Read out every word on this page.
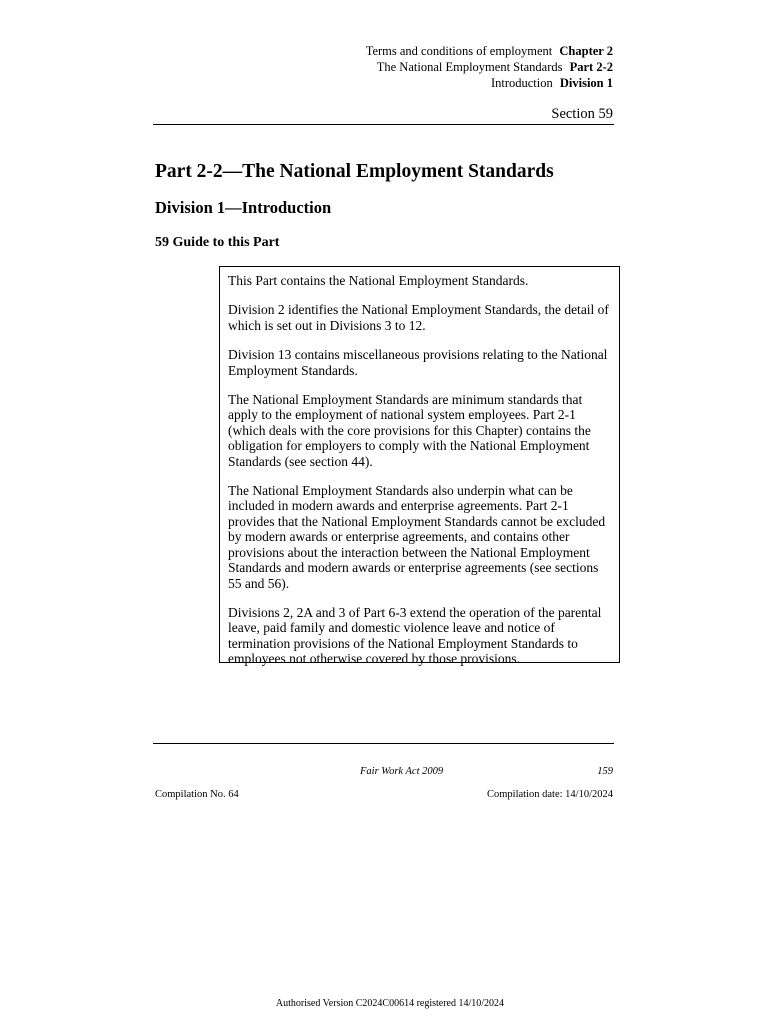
Terms and conditions of employment Chapter 2
The National Employment Standards Part 2-2
Introduction Division 1
Section 59
Part 2-2—The National Employment Standards
Division 1—Introduction
59 Guide to this Part

This Part contains the National Employment Standards.

Division 2 identifies the National Employment Standards, the detail of which is set out in Divisions 3 to 12.

Division 13 contains miscellaneous provisions relating to the National Employment Standards.

The National Employment Standards are minimum standards that apply to the employment of national system employees. Part 2-1 (which deals with the core provisions for this Chapter) contains the obligation for employers to comply with the National Employment Standards (see section 44).

The National Employment Standards also underpin what can be included in modern awards and enterprise agreements. Part 2-1 provides that the National Employment Standards cannot be excluded by modern awards or enterprise agreements, and contains other provisions about the interaction between the National Employment Standards and modern awards or enterprise agreements (see sections 55 and 56).

Divisions 2, 2A and 3 of Part 6-3 extend the operation of the parental leave, paid family and domestic violence leave and notice of termination provisions of the National Employment Standards to employees not otherwise covered by those provisions.

Fair Work Act 2009	159
Compilation No. 64	Compilation date: 14/10/2024
Authorised Version C2024C00614 registered 14/10/2024
